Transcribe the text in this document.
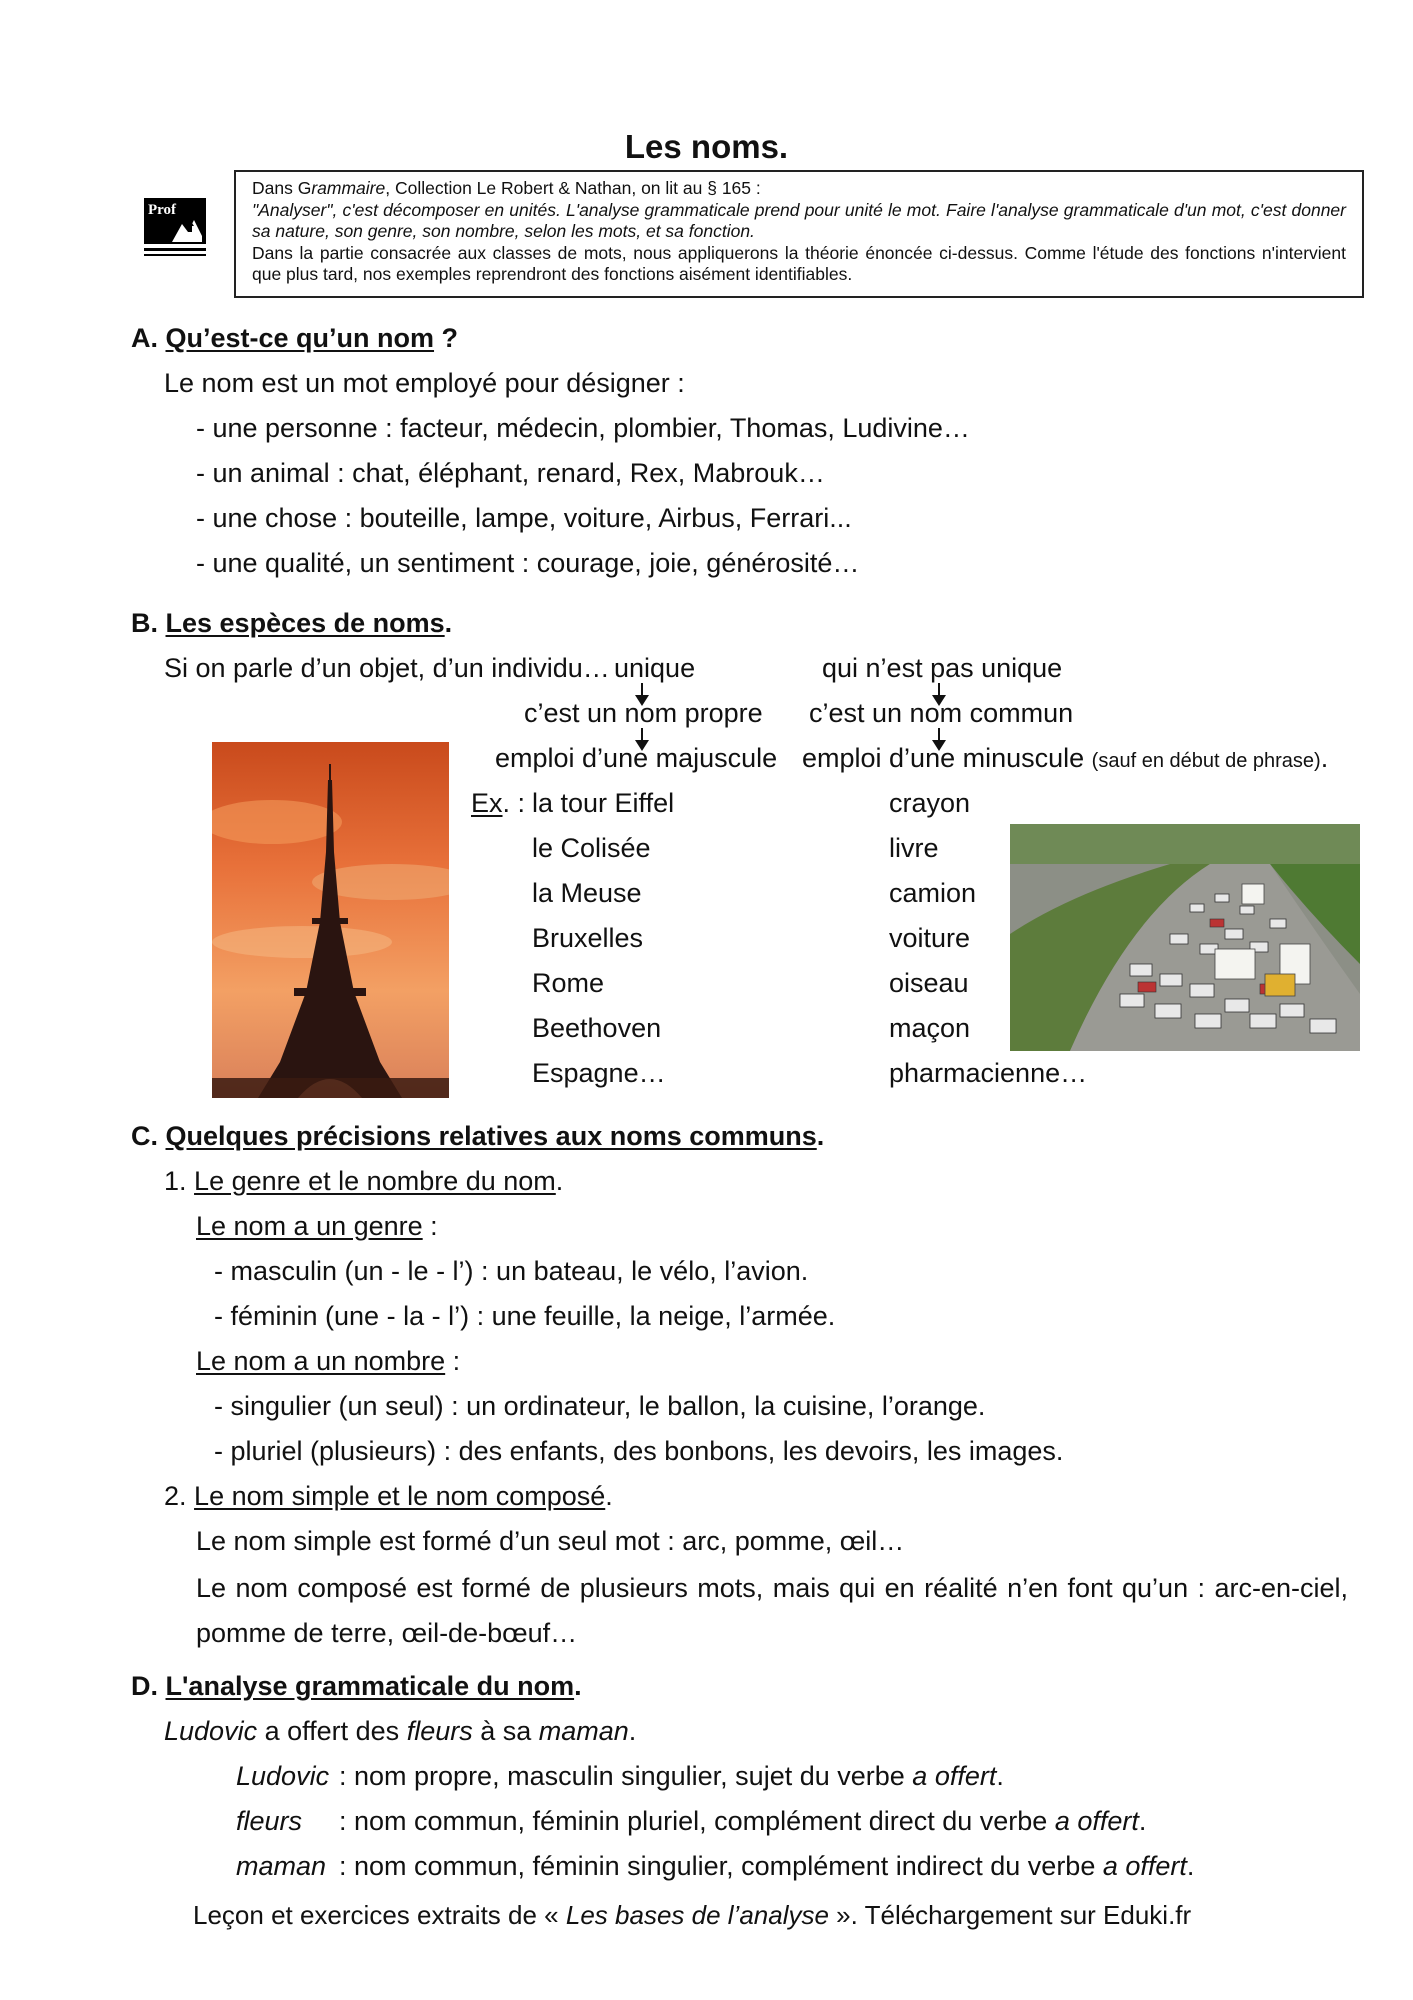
Les noms.
Prof

Dans Grammaire, Collection Le Robert & Nathan, on lit au § 165 :

"Analyser", c'est décomposer en unités. L'analyse grammaticale prend pour unité le mot. Faire l'analyse grammaticale d'un mot, c'est donner sa nature, son genre, son nombre, selon les mots, et sa fonction.

Dans la partie consacrée aux classes de mots, nous appliquerons la théorie énoncée ci-dessus. Comme l'étude des fonctions n'intervient que plus tard, nos exemples reprendront des fonctions aisément identifiables.

A. Qu’est-ce qu’un nom ?
Le nom est un mot employé pour désigner :
- une personne : facteur, médecin, plombier, Thomas, Ludivine…
- un animal : chat, éléphant, renard, Rex, Mabrouk…
- une chose : bouteille, lampe, voiture, Airbus, Ferrari...
- une qualité, un sentiment : courage, joie, générosité…
B. Les espèces de noms.
Si on parle d’un objet, d’un individu… unique	qui n’est pas unique
c’est un nom propre c’est un nom commun
emploi d’une majuscule emploi d’une minuscule (sauf en début de phrase).
Ex. : la tour Eiffel
le Colisée
la Meuse
Bruxelles
Rome
Beethoven
Espagne…
crayon
livre
camion
voiture
oiseau
maçon
pharmacienne…
C. Quelques précisions relatives aux noms communs.
1. Le genre et le nombre du nom.
Le nom a un genre :
- masculin (un - le - l’) : un bateau, le vélo, l’avion.
- féminin (une - la - l’) : une feuille, la neige, l’armée.
Le nom a un nombre :
- singulier (un seul) : un ordinateur, le ballon, la cuisine, l’orange.
- pluriel (plusieurs) : des enfants, des bonbons, les devoirs, les images.
2. Le nom simple et le nom composé.
Le nom simple est formé d’un seul mot : arc, pomme, œil…
Le nom composé est formé de plusieurs mots, mais qui en réalité n’en font qu’un : arc-en-ciel, pomme de terre, œil-de-bœuf…
D. L'analyse grammaticale du nom.
Ludovic a offert des fleurs à sa maman.
Ludovic : nom propre, masculin singulier, sujet du verbe a offert.
fleurs : nom commun, féminin pluriel, complément direct du verbe a offert.
maman : nom commun, féminin singulier, complément indirect du verbe a offert.
Leçon et exercices extraits de « Les bases de l’analyse ». Téléchargement sur Eduki.fr
